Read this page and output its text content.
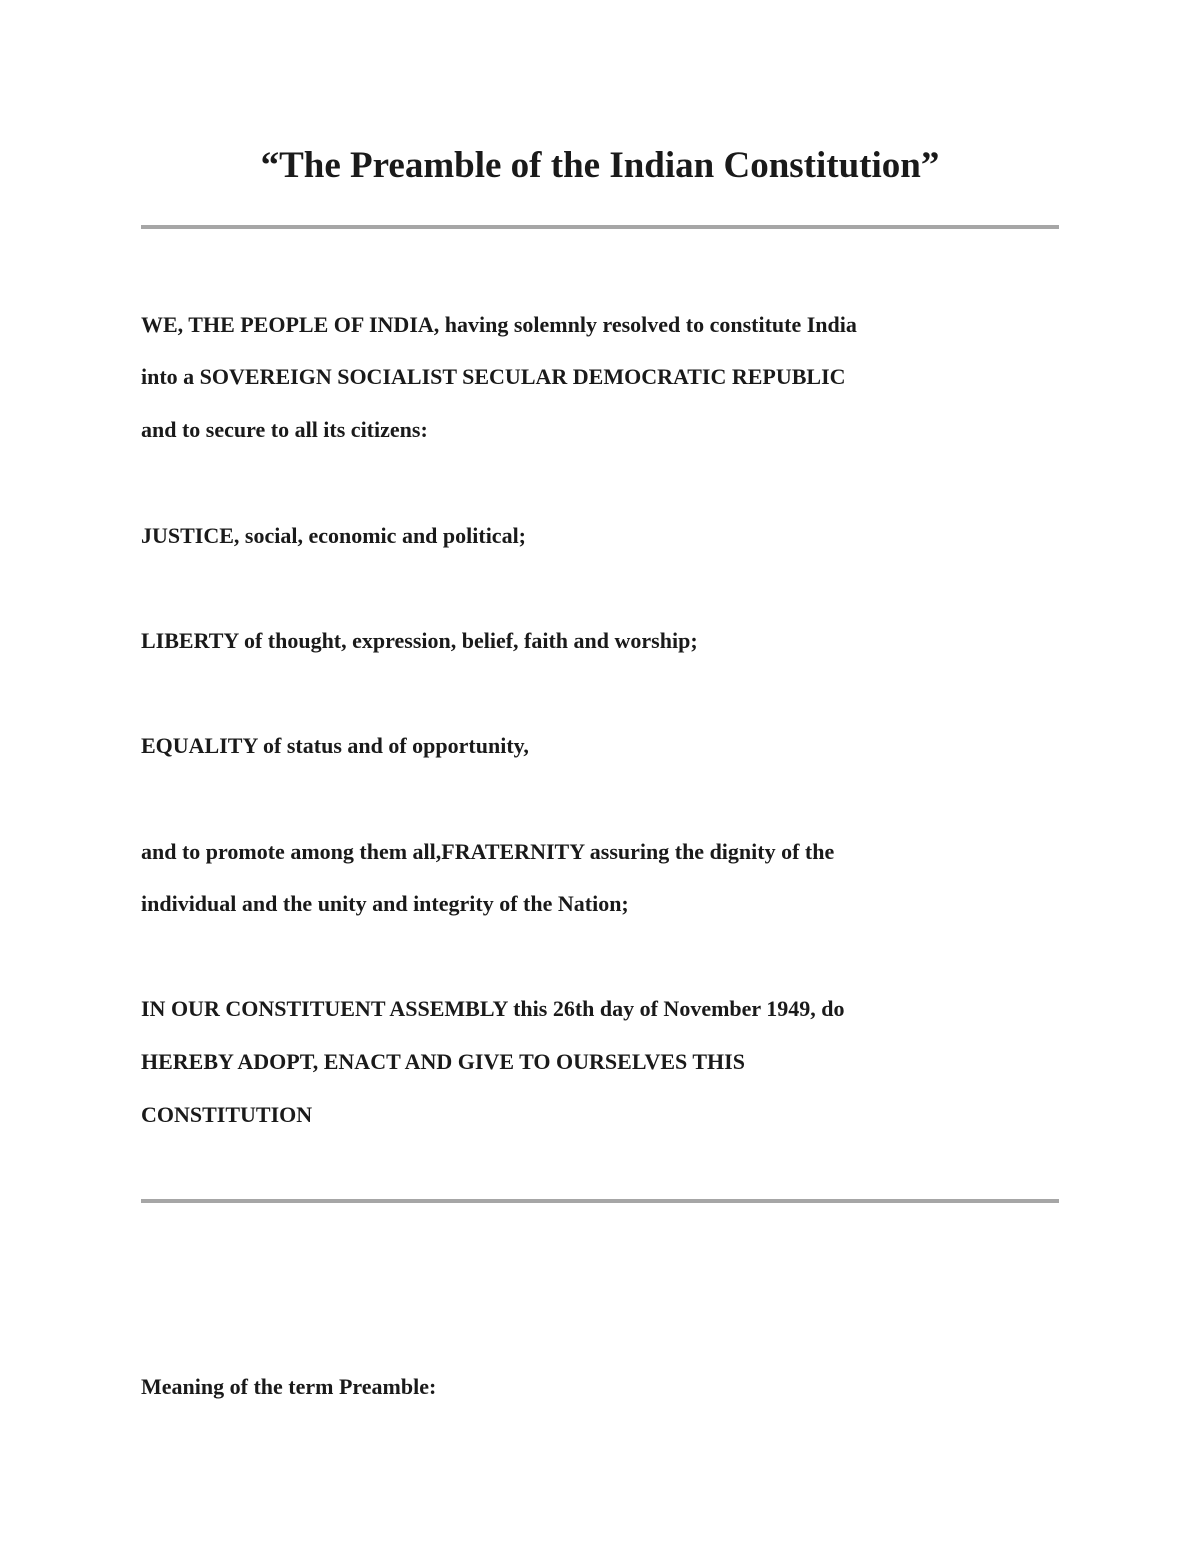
“The Preamble of the Indian Constitution”

WE, THE PEOPLE OF INDIA, having solemnly resolved to constitute India

into a SOVEREIGN SOCIALIST SECULAR DEMOCRATIC REPUBLIC

and to secure to all its citizens:

JUSTICE, social, economic and political;

LIBERTY of thought, expression, belief, faith and worship;

EQUALITY of status and of opportunity,

and to promote among them all,FRATERNITY assuring the dignity of the

individual and the unity and integrity of the Nation;

IN OUR CONSTITUENT ASSEMBLY this 26th day of November 1949, do

HEREBY ADOPT, ENACT AND GIVE TO OURSELVES THIS

CONSTITUTION

Meaning of the term Preamble:
